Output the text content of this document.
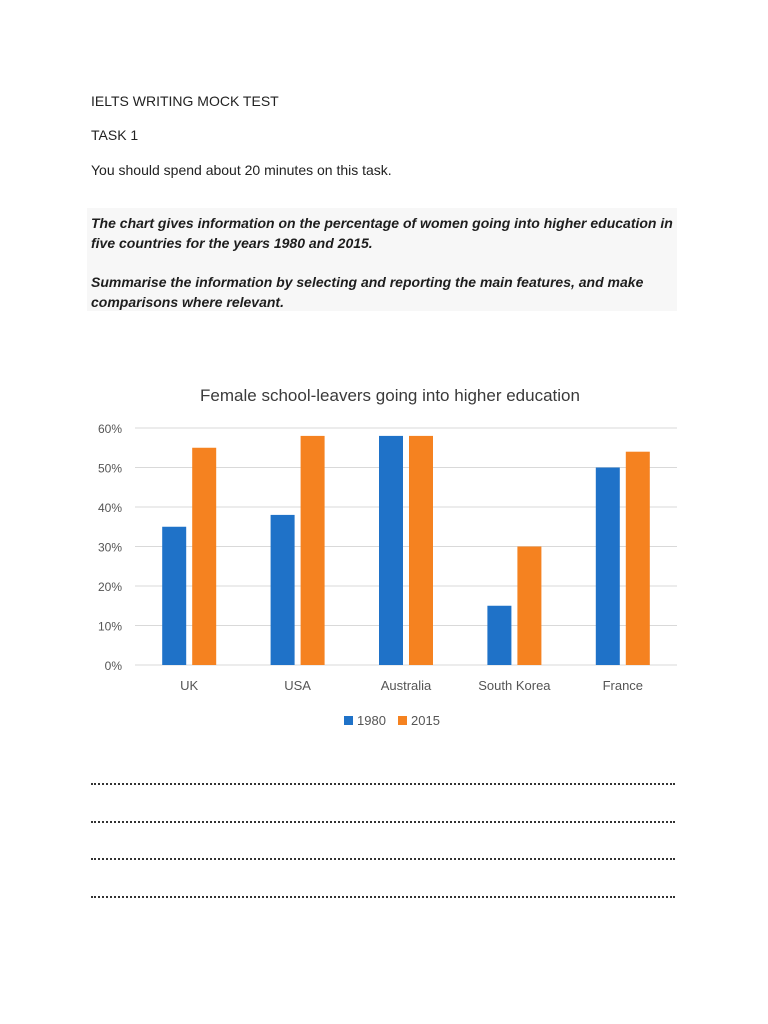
IELTS WRITING MOCK TEST
TASK 1
You should spend about 20 minutes on this task.

The chart gives information on the percentage of women going into higher education in five countries for the years 1980 and 2015.

Summarise the information by selecting and reporting the main features, and make comparisons where relevant.

Female school-leavers going into higher education
0%
10%
20%
30%
40%
50%
60%
UK	USA	Australia	South Korea	France
1980 2015
